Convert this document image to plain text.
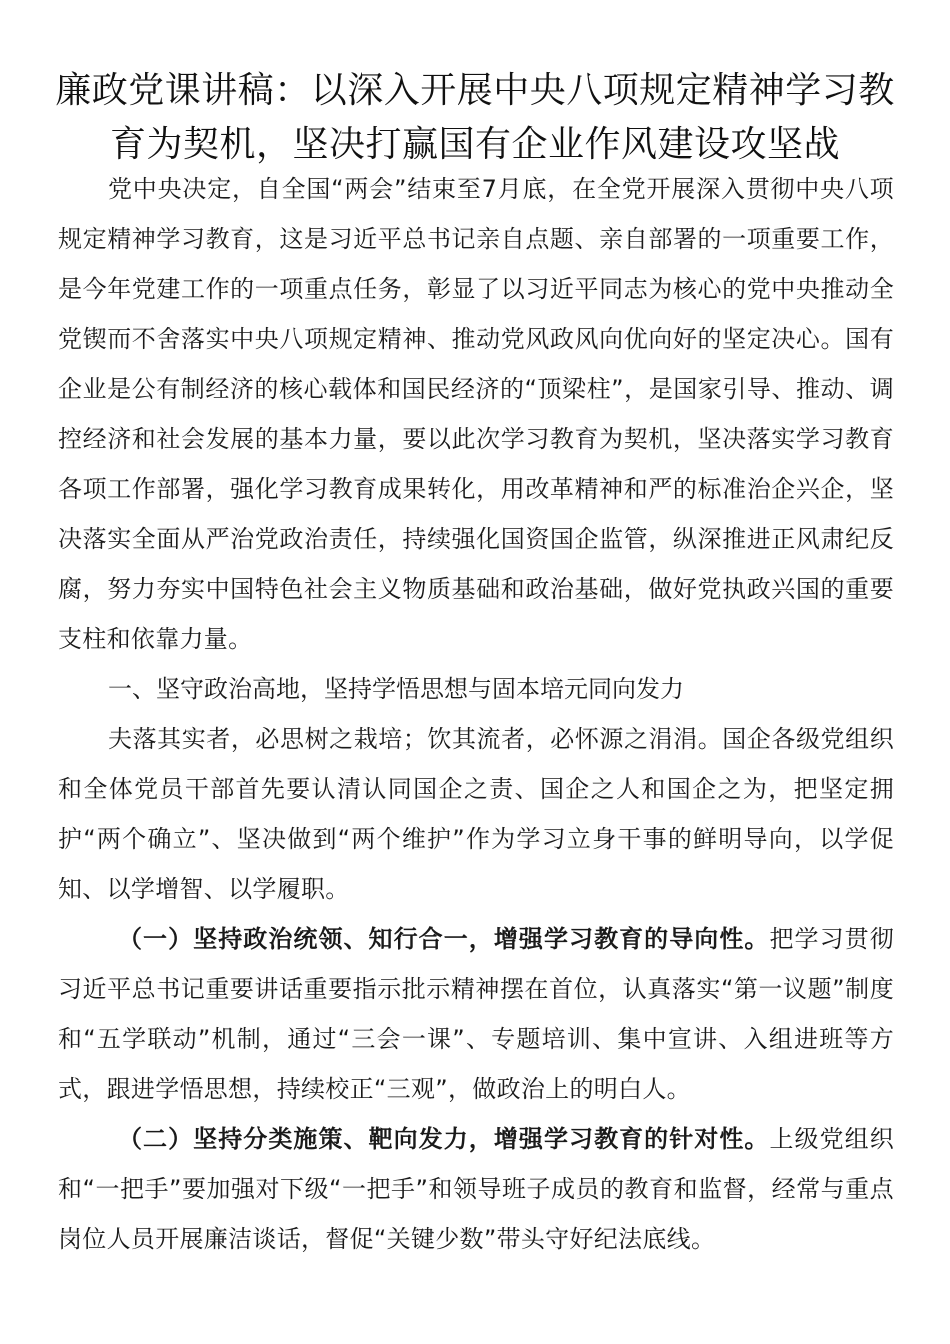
廉政党课讲稿：以深入开展中央八项规定精神学习教育为契机，坚决打赢国有企业作风建设攻坚战

党中央决定，自全国“两会”结束至7月底，在全党开展深入贯彻中央八项规定精神学习教育，这是习近平总书记亲自点题、亲自部署的一项重要工作，是今年党建工作的一项重点任务，彰显了以习近平同志为核心的党中央推动全党锲而不舍落实中央八项规定精神、推动党风政风向优向好的坚定决心。国有企业是公有制经济的核心载体和国民经济的“顶梁柱”，是国家引导、推动、调控经济和社会发展的基本力量，要以此次学习教育为契机，坚决落实学习教育各项工作部署，强化学习教育成果转化，用改革精神和严的标准治企兴企，坚决落实全面从严治党政治责任，持续强化国资国企监管，纵深推进正风肃纪反腐，努力夯实中国特色社会主义物质基础和政治基础，做好党执政兴国的重要支柱和依靠力量。

一、坚守政治高地，坚持学悟思想与固本培元同向发力

夫落其实者，必思树之栽培；饮其流者，必怀源之涓涓。国企各级党组织和全体党员干部首先要认清认同国企之责、国企之人和国企之为，把坚定拥护“两个确立”、坚决做到“两个维护”作为学习立身干事的鲜明导向，以学促知、以学增智、以学履职。

（一）坚持政治统领、知行合一，增强学习教育的导向性。把学习贯彻习近平总书记重要讲话重要指示批示精神摆在首位，认真落实“第一议题”制度和“五学联动”机制，通过“三会一课”、专题培训、集中宣讲、入组进班等方式，跟进学悟思想，持续校正“三观”，做政治上的明白人。

（二）坚持分类施策、靶向发力，增强学习教育的针对性。上级党组织和“一把手”要加强对下级“一把手”和领导班子成员的教育和监督，经常与重点岗位人员开展廉洁谈话，督促“关键少数”带头守好纪法底线。
